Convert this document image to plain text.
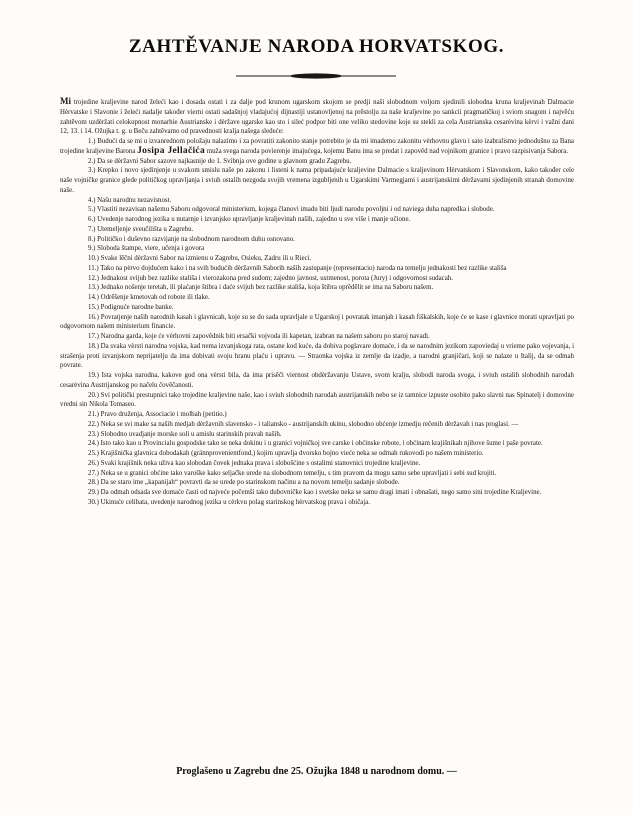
ZAHTĚVANJE NARODA HORVATSKOG.

Mi trojedine kraljevine narod želeći kao i dosada ostati i za dalje pod krunom ugarskom skojom se predji naši slobodnom voljom sjedinili slobodna kruna kraljevinah Dalmacie Hèrvatske i Slavonie i želeći nadalje također vierni ostati sadašnjoj vladajućoj dijnastiji ustanovljenoj na prěstolju za naše kraljevine po sankcii pragmatičkoj i sviom snagom i najvěću zahtěvom uzdèržati celokupnost monarhie Austrianske i dèržave ugarske kao sto i sileć podpor biti one veliko stedovine koje su stekli za cela Austrianska cesarėvina kèrvi i važni dani 12, 13. i 14. Ožujka t. g. u Beču zahtěvamo od pravednosti kralja našega sledeće:

1.) Budući da se mi u izvanrednom položaju nalazimo i za povratiti zakonito stanje potrebito je da mi imademo zakonitu vèrhovnu glavu i sato izabralismo jednodušno za Bana trojedine kraljevine Barona Josipa Jellačića muža svega naroda povierenje imajućega, kojemu Banu ima se predat i zapověd nad vojnikom granice i pravo razpisivanja Sabora.

2.) Da se dèržavni Sabor sazove najkasnije do 1. Svibnja ove godine u glavnom gradu Zagrebu.

3.) Krepko i novo sjedinjenje u svakom smislu naše po zakonu i listeni k nama pripadajuće kraljevine Dalmacie s kraljevinom Hèrvatskom i Slavonskom, kako također cele naše vojničke granice glede političkog upravljanja i sviuh ostalih nezgoda svojih vremena izgubljenih u Ugarskimi Varmegjami i austrijanskimi dèržavami sjedinjenih stranah domovine naše.

4.) Našu narodnu nezavisnost.

5.) Vlastiti nezavisan našemu Saboru odgovoral ministerium, kojega članovi imadu biti ljudi narodu povoljni i od naviega duha napredka i slobode.

6.) Uvedenje narodnog jezika u nutarnje i izvanjsko upravljanje kraljevinah naših, zajedno u sve više i manje učione.

7.) Utemeljenje sveučilišta u Zagrebu.

8.) Političko i duševno razvijanje na slobodnom narodnom duhu osnovano.

9.) Sloboda štampe, viere, učenja i govora

10.) Svake lěčni dèržavni Sabor na izmienu u Zagrebu, Osieku, Zadru ili u Rieci.

11.) Tako na pèrvo dojdućem kako i na svih budućih dèržavnih Saborih naših zastupanje (representacio) naroda na temelju jednakosti bez razlike stališa

12.) Jednakost svijuh bez razlike stališa i vierozakona pred sudom; zajedno javnost, ustmenost, porota (Jury) i odgovornost sudacah.

13.) Jednako nošenje teretah, ili plaćanje štibra i daće svijuh bez razlike stališa, koja štibra oprědělit se ima na Saboru našem.

14.) Odrěšenje kmetovah od robote ili tlake.

15.) Podignuće narodne banke.

16.) Povratjenje naših narodnih kasah i glavnicah, koje su se do sada upravljale u Ugarskoj i povratak imanjah i kasah fiškalskih, koje će se kase i glavnice morati upravljati po odgovornom našem ministerium financie.

17.) Narodna garda, koje će vèrhovni zapovědnik biti ersački vojvoda ili kapetan, izabran na našem saboru po staroj navadi.

18.) Da svaka vèrsti narodna vojska, kad nema izvanjskoga rata, ostane kod kuće, da dobiva poglavare domaće, i da se narodnim jezikom zapoviedaj u vrieme pako vojevanja, i strašenja proti izvanjskom neprijatelju da ima dobivati svoju hranu plaću i upravu. — Straonka vojska iz zemlje da izadje, a narodni granjičari, koji se nalaze u Italij, da se odmah povrate.

19.) Ista vojska narodna, kakove god ona vèrsti bila, da ima prisěči viernost obdèržavanju Ustave, svom kralju, slobodi naroda svoga, i sviuh ostalih slobodnih narodah cesarėvina Austrijanskog po načelu čověčanosti.

20.) Svi politički prestupnici tako trojedine kraljevine naše, kao i sviuh slobodnih narodah austrijanskih nebo se iz tamnice izpuste osobito pako slavni nas Spinatelj i domovine vredni sin Nikola Tomaseo.

21.) Pravo druženja, Associacie i molbah (petitio.)

22.) Neka se svi make sa naših medjah dèržavnih slavensko - i taliansko - austrijanskih ukinu, slobodno obćenje izmedju rečenih dèržavah i nas proglasi. —

23.) Slobodno uvadjanje morske soli u amislu starinskih pravah naših.

24.) Isto tako kao u Provincialu gospodske tako se neka dokinu i u granici vojničkoj sve carske i obćinske robote, i obćinam krajišnikah njihove šume i paše povrate.

25.) Krajišnička glavnica dobodakah (grännprovenientfond,) kojim upravlja dvorsko bojno vieće neka se odmah rukovodi po našem ministerio.

26.) Svaki krajišnik neka uživa kao slobodan čovek jednaka prava i slobošćine s ostalimi stanovnici trojedine kraljevine.

27.) Neka se u granici obćine tako varoške kako seljačke urede na slobodnom temelju, s tim pravom da mogu samo sebe upravljati i sebi sud krojiti.

28.) Da se staro ime „kapanijah“ povravti da se urede po starinskom načinu a na novom temelju sadanje slobode.

29.) Da odmah odsada sve domaće časti od najveće počemši tako dubovničke kao i svetske neka se samo dragi imati i obnašati, nego samo sini trojedine Kraljevine.

30.) Ukinuće celibata, uvedenje narodnog jezika u cèrkvu polag starinskog hèrvatskog prava i običaja.

Proglašeno u Zagrebu dne 25. Ožujka 1848 u narodnom domu. —
